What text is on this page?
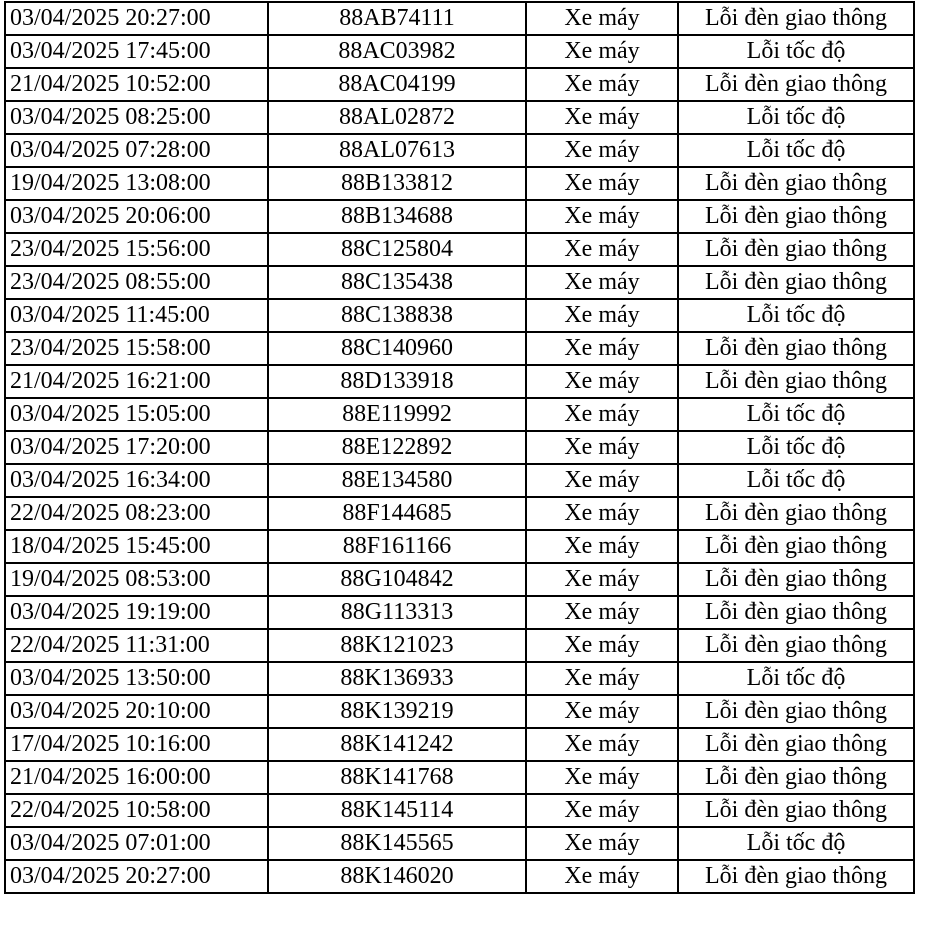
03/04/2025 20:27:00	88AB74111	Xe máy	Lỗi đèn giao thông
03/04/2025 17:45:00	88AC03982	Xe máy	Lỗi tốc độ
21/04/2025 10:52:00	88AC04199	Xe máy	Lỗi đèn giao thông
03/04/2025 08:25:00	88AL02872	Xe máy	Lỗi tốc độ
03/04/2025 07:28:00	88AL07613	Xe máy	Lỗi tốc độ
19/04/2025 13:08:00	88B133812	Xe máy	Lỗi đèn giao thông
03/04/2025 20:06:00	88B134688	Xe máy	Lỗi đèn giao thông
23/04/2025 15:56:00	88C125804	Xe máy	Lỗi đèn giao thông
23/04/2025 08:55:00	88C135438	Xe máy	Lỗi đèn giao thông
03/04/2025 11:45:00	88C138838	Xe máy	Lỗi tốc độ
23/04/2025 15:58:00	88C140960	Xe máy	Lỗi đèn giao thông
21/04/2025 16:21:00	88D133918	Xe máy	Lỗi đèn giao thông
03/04/2025 15:05:00	88E119992	Xe máy	Lỗi tốc độ
03/04/2025 17:20:00	88E122892	Xe máy	Lỗi tốc độ
03/04/2025 16:34:00	88E134580	Xe máy	Lỗi tốc độ
22/04/2025 08:23:00	88F144685	Xe máy	Lỗi đèn giao thông
18/04/2025 15:45:00	88F161166	Xe máy	Lỗi đèn giao thông
19/04/2025 08:53:00	88G104842	Xe máy	Lỗi đèn giao thông
03/04/2025 19:19:00	88G113313	Xe máy	Lỗi đèn giao thông
22/04/2025 11:31:00	88K121023	Xe máy	Lỗi đèn giao thông
03/04/2025 13:50:00	88K136933	Xe máy	Lỗi tốc độ
03/04/2025 20:10:00	88K139219	Xe máy	Lỗi đèn giao thông
17/04/2025 10:16:00	88K141242	Xe máy	Lỗi đèn giao thông
21/04/2025 16:00:00	88K141768	Xe máy	Lỗi đèn giao thông
22/04/2025 10:58:00	88K145114	Xe máy	Lỗi đèn giao thông
03/04/2025 07:01:00	88K145565	Xe máy	Lỗi tốc độ
03/04/2025 20:27:00	88K146020	Xe máy	Lỗi đèn giao thông
